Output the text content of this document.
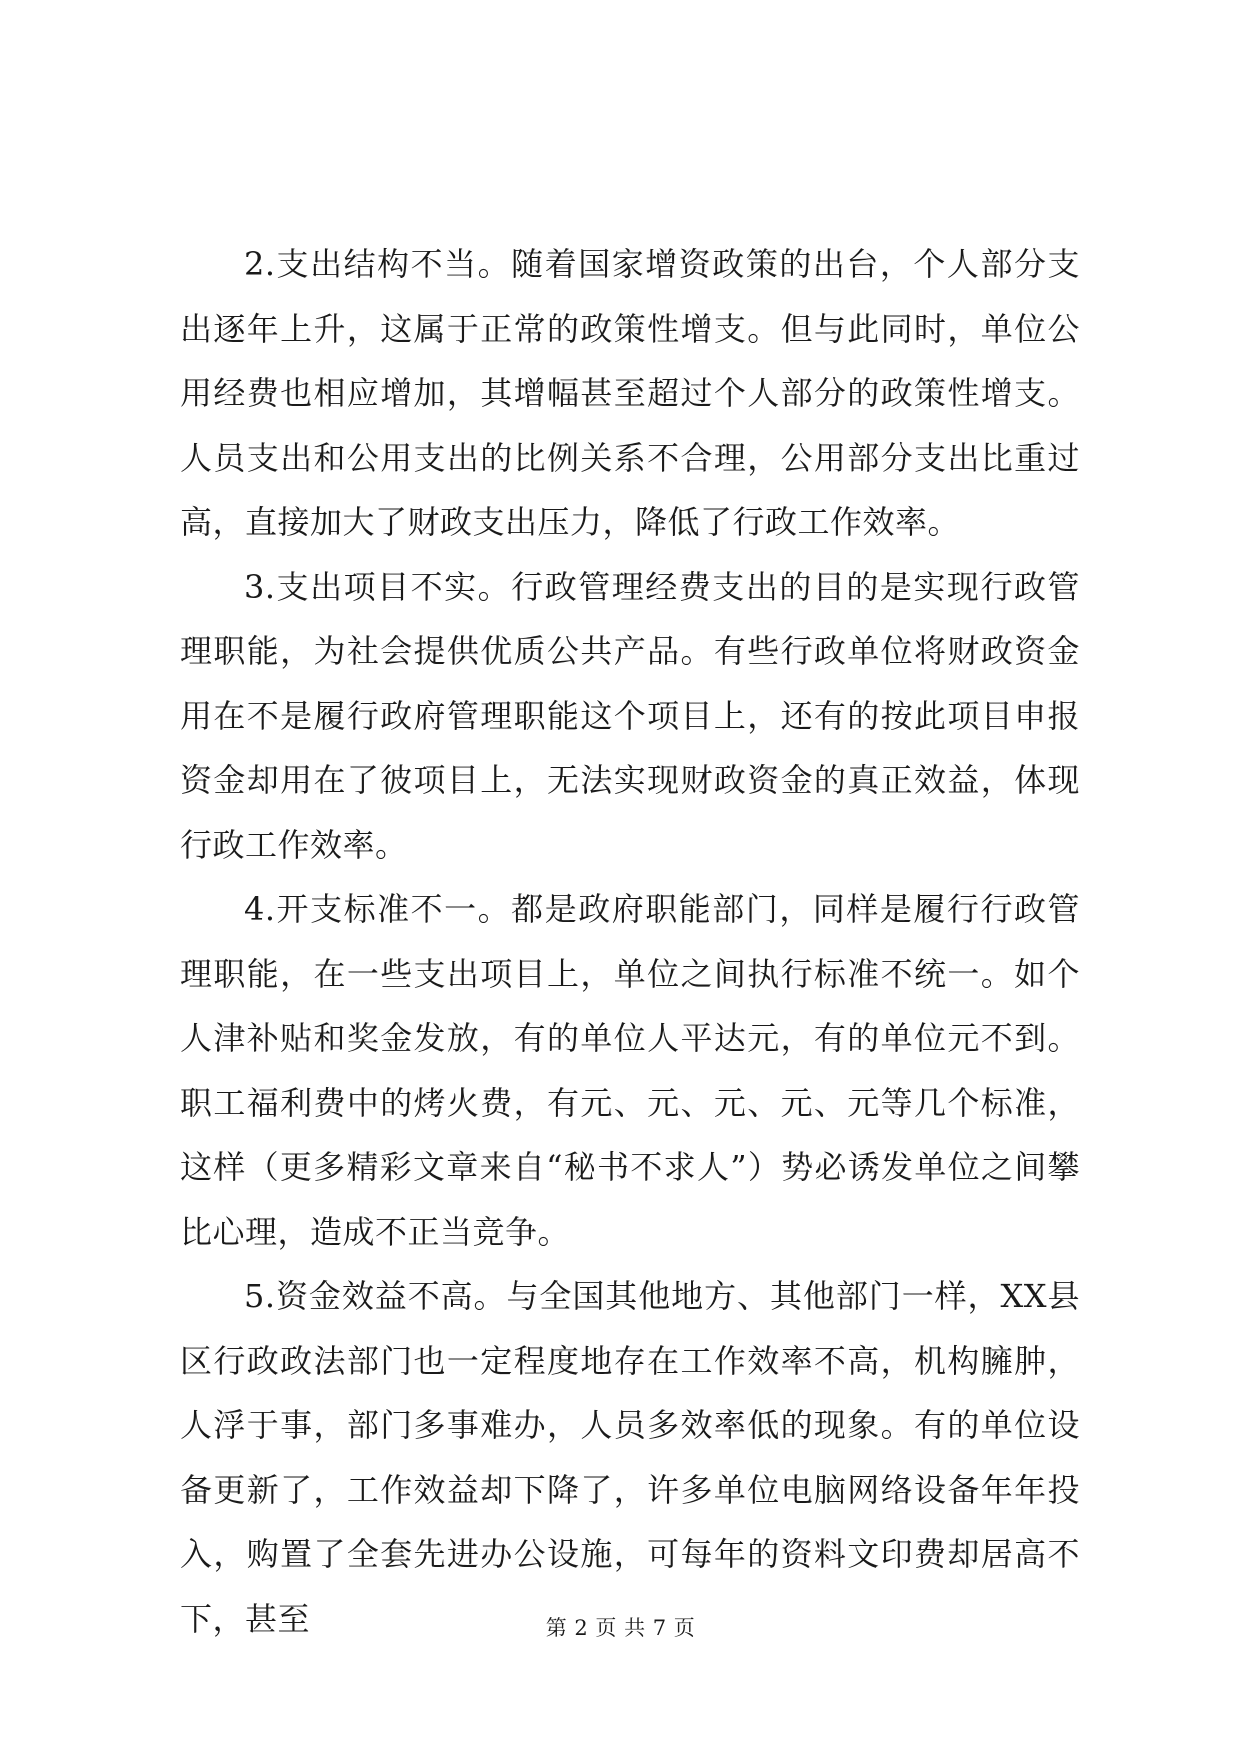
2.支出结构不当。随着国家增资政策的出台，个人部分支出逐年上升，这属于正常的政策性增支。但与此同时，单位公用经费也相应增加，其增幅甚至超过个人部分的政策性增支。人员支出和公用支出的比例关系不合理，公用部分支出比重过高，直接加大了财政支出压力，降低了行政工作效率。

3.支出项目不实。行政管理经费支出的目的是实现行政管理职能，为社会提供优质公共产品。有些行政单位将财政资金用在不是履行政府管理职能这个项目上，还有的按此项目申报资金却用在了彼项目上，无法实现财政资金的真正效益，体现行政工作效率。

4.开支标准不一。都是政府职能部门，同样是履行行政管理职能，在一些支出项目上，单位之间执行标准不统一。如个人津补贴和奖金发放，有的单位人平达元，有的单位元不到。职工福利费中的烤火费，有元、元、元、元、元等几个标准，这样（更多精彩文章来自“秘书不求人”）势必诱发单位之间攀比心理，造成不正当竞争。

5.资金效益不高。与全国其他地方、其他部门一样，XX县区行政政法部门也一定程度地存在工作效率不高，机构臃肿，人浮于事，部门多事难办，人员多效率低的现象。有的单位设备更新了，工作效益却下降了，许多单位电脑网络设备年年投入，购置了全套先进办公设施，可每年的资料文印费却居高不下，甚至	第 2 页 共 7 页
